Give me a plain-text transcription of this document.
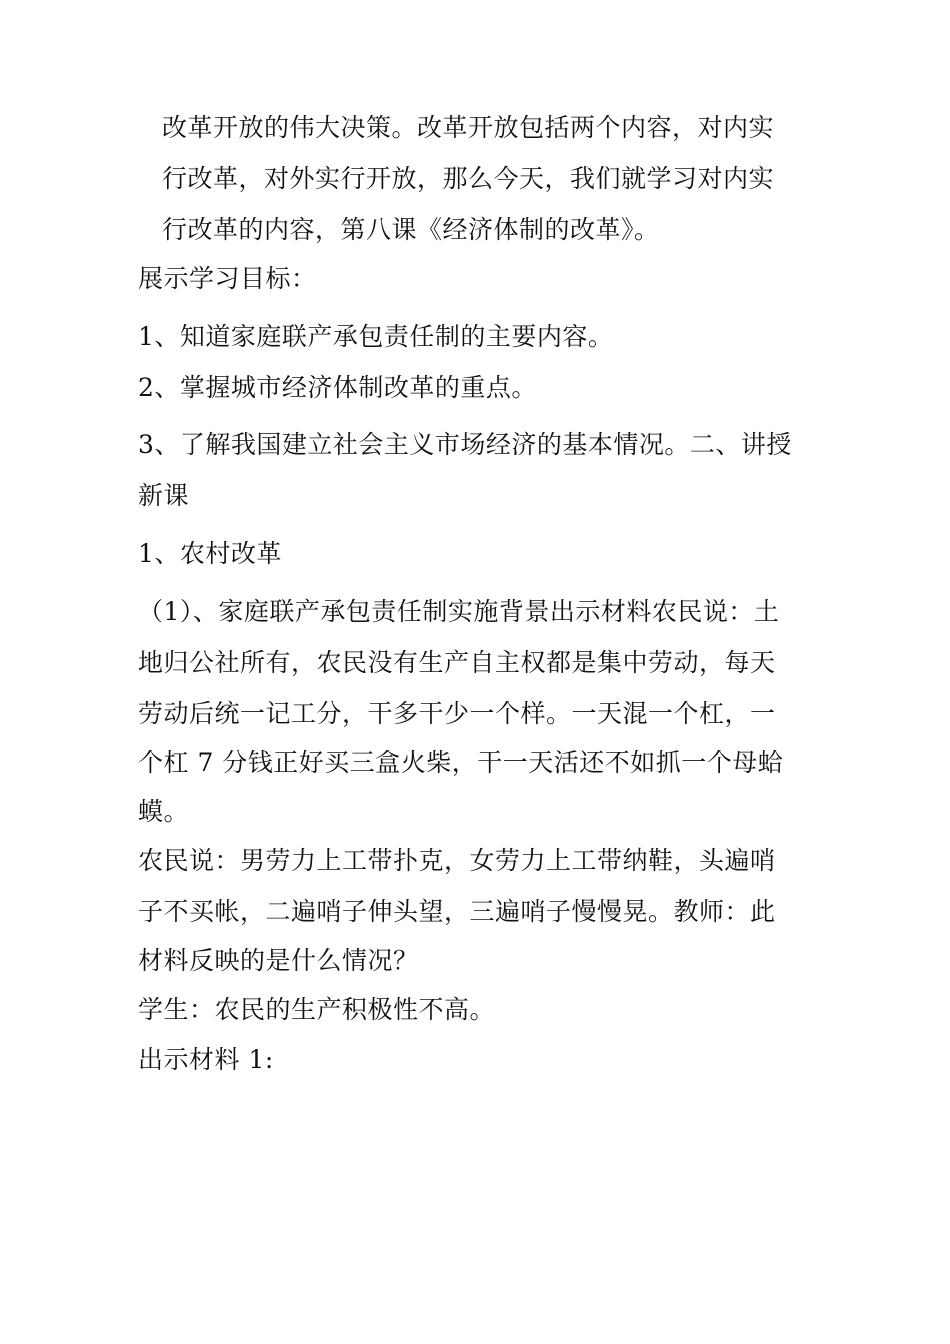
改革开放的伟大决策。改革开放包括两个内容，对内实
行改革，对外实行开放，那么今天，我们就学习对内实
行改革的内容，第八课《经济体制的改革》。
展示学习目标：
1、知道家庭联产承包责任制的主要内容。
2、掌握城市经济体制改革的重点。
3、了解我国建立社会主义市场经济的基本情况。二、讲授
新课
1、农村改革
（1）、家庭联产承包责任制实施背景出示材料农民说：土
地归公社所有，农民没有生产自主权都是集中劳动，每天
劳动后统一记工分，干多干少一个样。一天混一个杠，一
个杠 7 分钱正好买三盒火柴，干一天活还不如抓一个母蛤
蟆。
农民说：男劳力上工带扑克，女劳力上工带纳鞋，头遍哨
子不买帐，二遍哨子伸头望，三遍哨子慢慢晃。教师：此
材料反映的是什么情况？
学生：农民的生产积极性不高。
出示材料 1:
